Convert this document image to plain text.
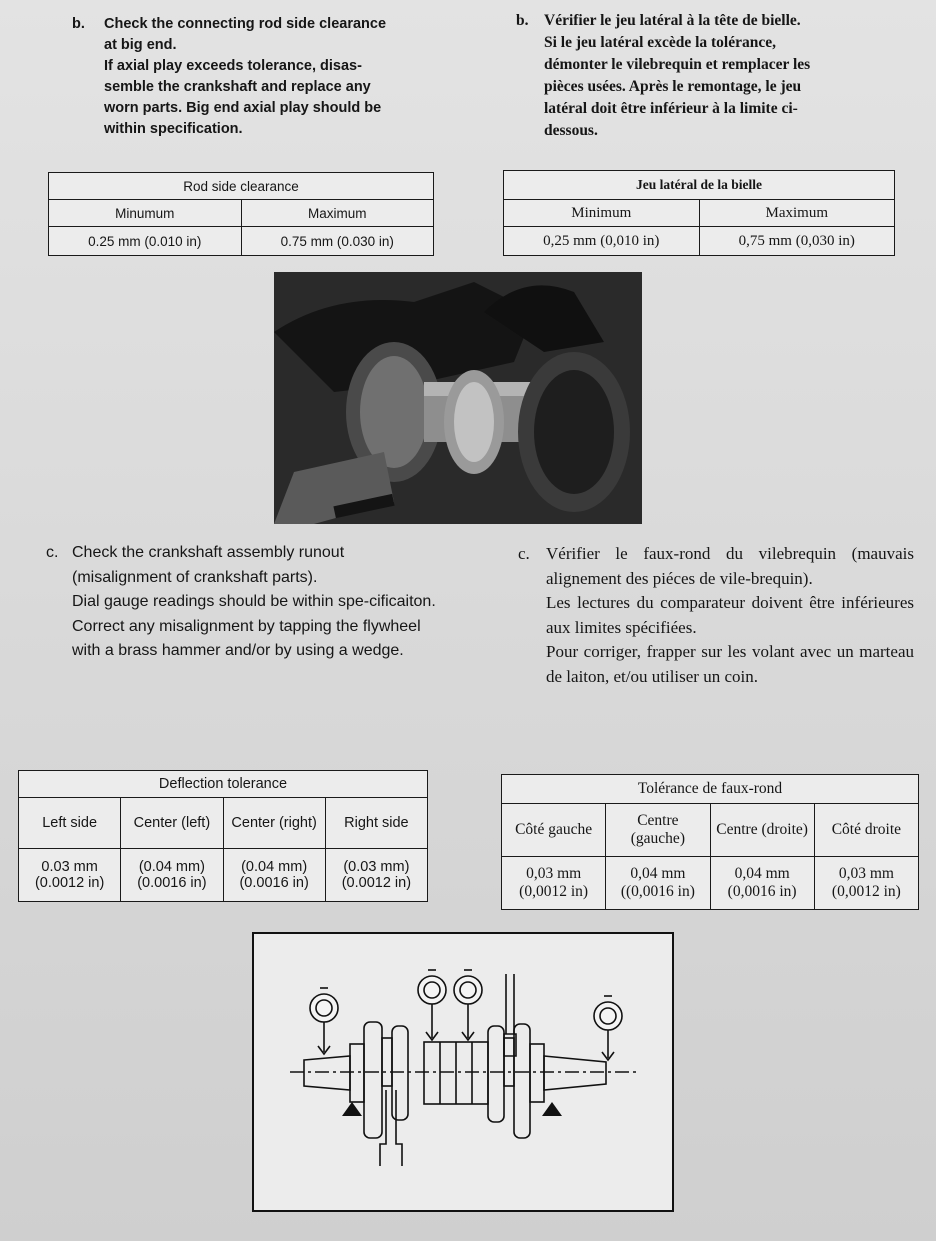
b. Check the connecting rod side clearance

at big end.

If axial play exceeds tolerance, disas-

semble the crankshaft and replace any

worn parts. Big end axial play should be

within specification.

b. Vérifier le jeu latéral à la tête de bielle.

Si le jeu latéral excède la tolérance,

démonter le vilebrequin et remplacer les

pièces usées. Après le remontage, le jeu

latéral doit être inférieur à la limite ci-

dessous.

Rod side clearance	
Minumum	Maximum
0.25 mm (0.010 in)	0.75 mm (0.030 in)
Jeu latéral de la bielle	
Minimum	Maximum
0,25 mm (0,010 in)	0,75 mm (0,030 in)
c. Check the crankshaft assembly runout (misalignment of crankshaft parts).

Dial gauge readings should be within spe-cificaiton.

Correct any misalignment by tapping the flywheel with a brass hammer and/or by using a wedge.

c. Vérifier le faux-rond du vilebrequin (mauvais alignement des piéces de vile-brequin).

Les lectures du comparateur doivent être inférieures aux limites spécifiées.

Pour corriger, frapper sur les volant avec un marteau de laiton, et/ou utiliser un coin.

Deflection tolerance			
Left side	Center (left)	Center (right)	Right side
0.03 mm (0.0012 in)	(0.04 mm) (0.0016 in)	(0.04 mm) (0.0016 in)	(0.03 mm) (0.0012 in)
Tolérance de faux-rond			
Côté gauche	Centre (gauche)	Centre (droite)	Côté droite
0,03 mm (0,0012 in)	0,04 mm ((0,0016 in)	0,04 mm (0,0016 in)	0,03 mm (0,0012 in)
